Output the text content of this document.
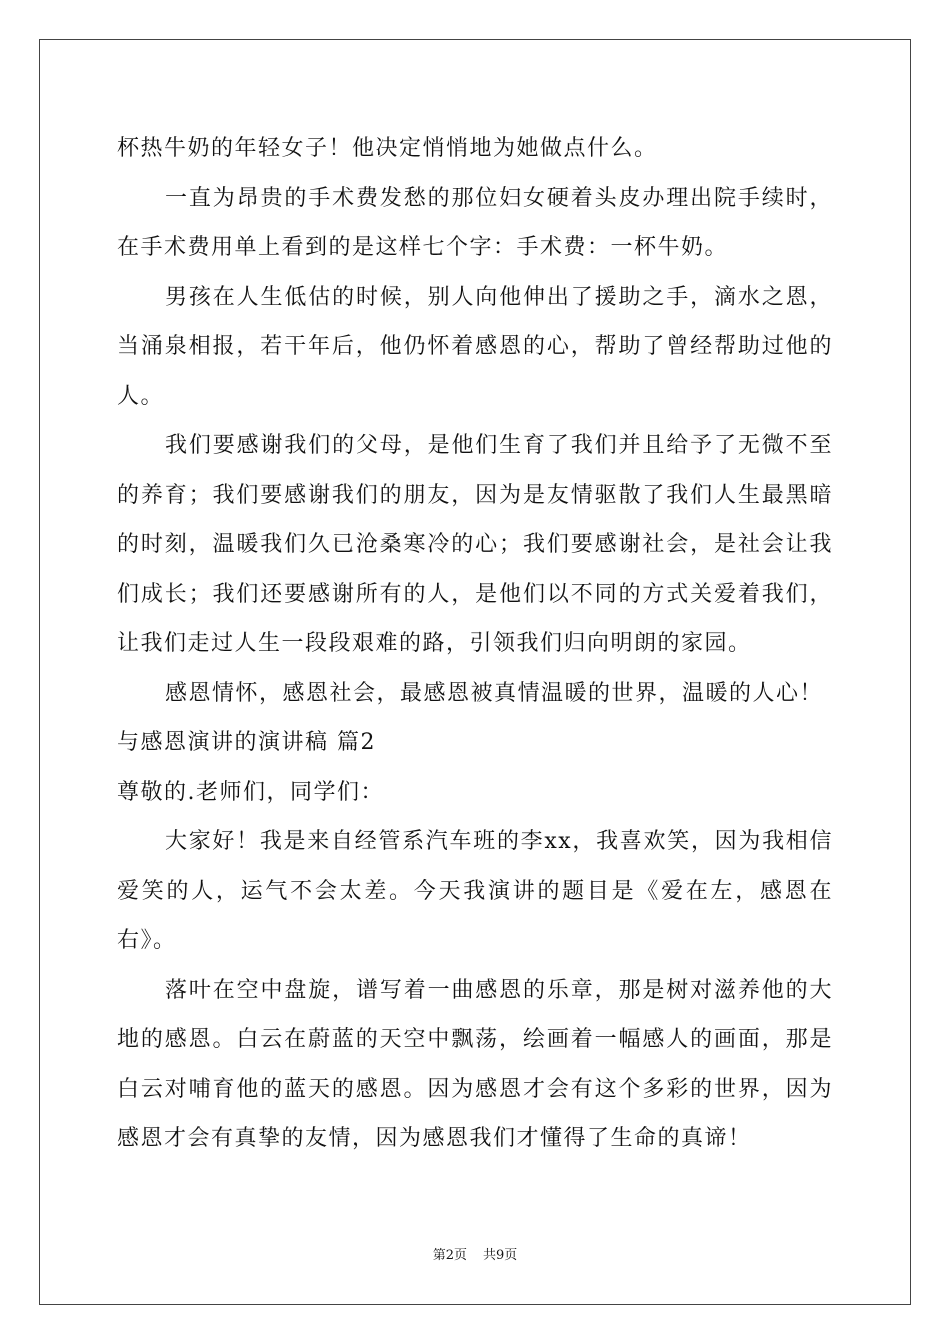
杯热牛奶的年轻女子！他决定悄悄地为她做点什么。

一直为昂贵的手术费发愁的那位妇女硬着头皮办理出院手续时，在手术费用单上看到的是这样七个字：手术费：一杯牛奶。

男孩在人生低估的时候，别人向他伸出了援助之手，滴水之恩，当涌泉相报，若干年后，他仍怀着感恩的心，帮助了曾经帮助过他的人。

我们要感谢我们的父母，是他们生育了我们并且给予了无微不至的养育；我们要感谢我们的朋友，因为是友情驱散了我们人生最黑暗的时刻，温暖我们久已沧桑寒冷的心；我们要感谢社会，是社会让我们成长；我们还要感谢所有的人，是他们以不同的方式关爱着我们，让我们走过人生一段段艰难的路，引领我们归向明朗的家园。

感恩情怀，感恩社会，最感恩被真情温暖的世界，温暖的人心！

与感恩演讲的演讲稿 篇2

尊敬的.老师们，同学们：

大家好！我是来自经管系汽车班的李xx，我喜欢笑，因为我相信爱笑的人，运气不会太差。今天我演讲的题目是《爱在左，感恩在右》。

落叶在空中盘旋，谱写着一曲感恩的乐章，那是树对滋养他的大地的感恩。白云在蔚蓝的天空中飘荡，绘画着一幅感人的画面，那是白云对哺育他的蓝天的感恩。因为感恩才会有这个多彩的世界，因为感恩才会有真挚的友情，因为感恩我们才懂得了生命的真谛！

第2页 共9页
